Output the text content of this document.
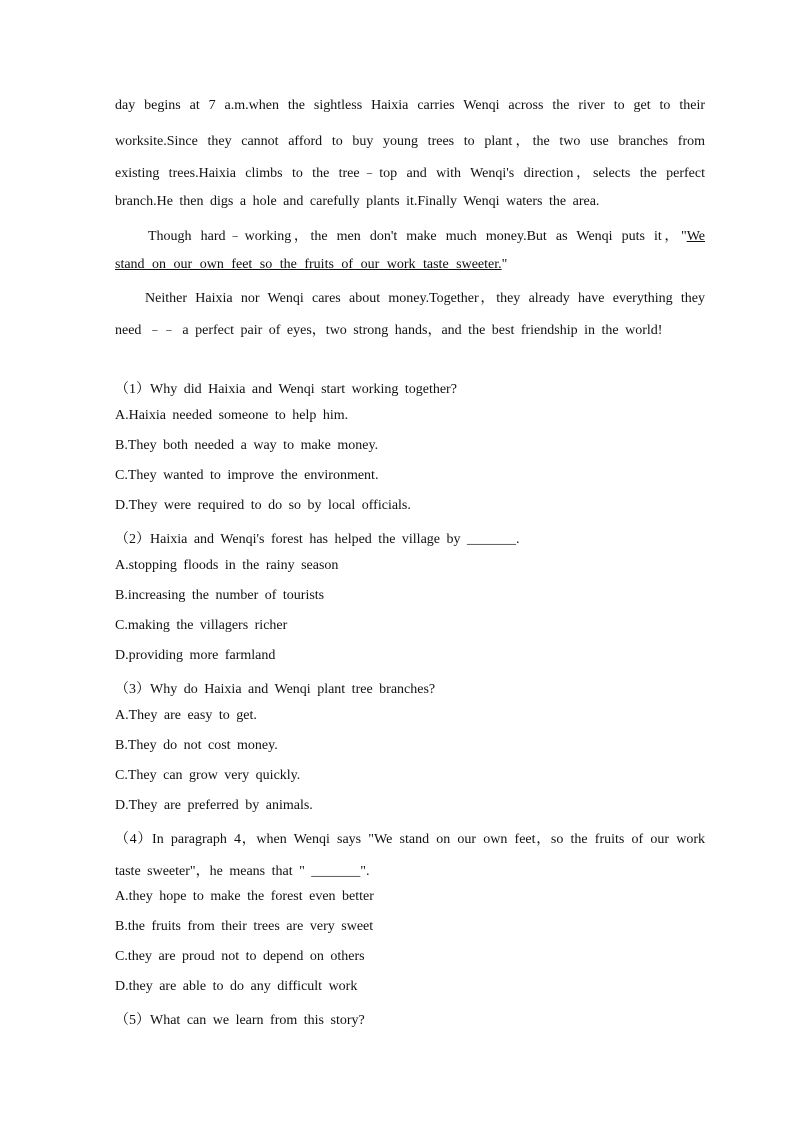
day begins at 7 a.m.when the sightless Haixia carries Wenqi across the river to get to their
worksite.Since they cannot afford to buy young trees to plant，the two use branches from
existing trees.Haixia climbs to the tree﹣top and with Wenqi's direction，selects the perfect
branch.He then digs a hole and carefully plants it.Finally Wenqi waters the area.
Though hard﹣working，the men don't make much money.But as Wenqi puts it，"We
stand on our own feet so the fruits of our work taste sweeter."
Neither Haixia nor Wenqi cares about money.Together，they already have everything they
need ﹣﹣ a perfect pair of eyes，two strong hands，and the best friendship in the world!
（1）Why did Haixia and Wenqi start working together?
A.Haixia needed someone to help him.
B.They both needed a way to make money.
C.They wanted to improve the environment.
D.They were required to do so by local officials.
（2）Haixia and Wenqi's forest has helped the village by _______.
A.stopping floods in the rainy season
B.increasing the number of tourists
C.making the villagers richer
D.providing more farmland
（3）Why do Haixia and Wenqi plant tree branches?
A.They are easy to get.
B.They do not cost money.
C.They can grow very quickly.
D.They are preferred by animals.
（4）In paragraph 4，when Wenqi says "We stand on our own feet，so the fruits of our work
taste sweeter"，he means that " _______".
A.they hope to make the forest even better
B.the fruits from their trees are very sweet
C.they are proud not to depend on others
D.they are able to do any difficult work
（5）What can we learn from this story?
